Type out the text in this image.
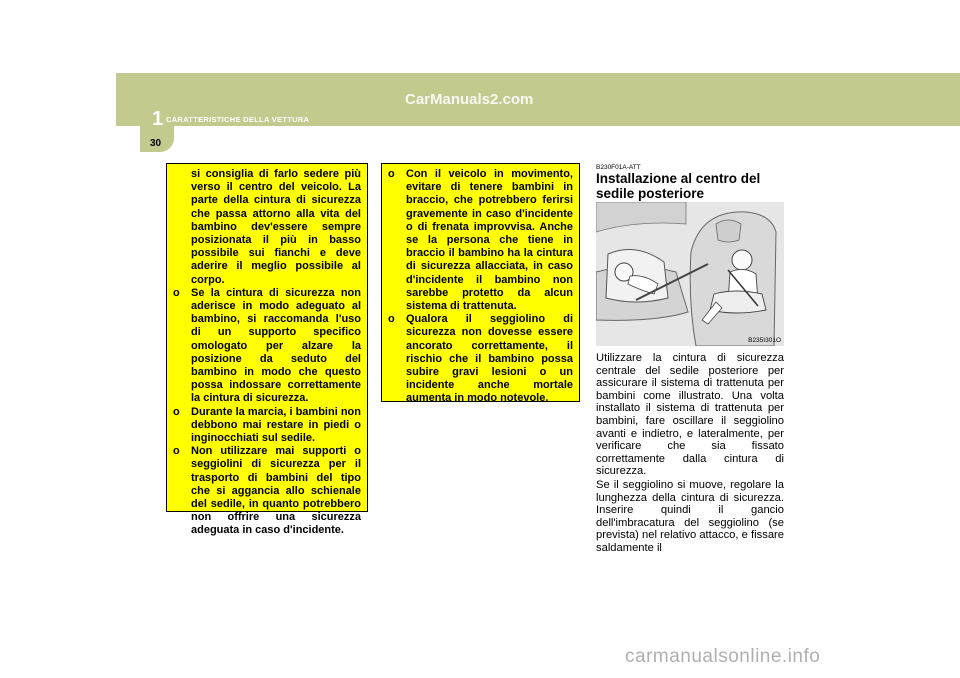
1 CARATTERISTICHE DELLA VETTURA
CarManuals2.com
30

si consiglia di farlo sedere più verso il centro del veicolo. La parte della cintura di sicurezza che passa attorno alla vita del bambino dev'essere sempre posizionata il più in basso possibile sui fianchi e deve aderire il meglio possibile al corpo.

o Se la cintura di sicurezza non aderisce in modo adeguato al bambino, si raccomanda l'uso di un supporto specifico omologato per alzare la posizione da seduto del bambino in modo che questo possa indossare correttamente la cintura di sicurezza.
o Durante la marcia, i bambini non debbono mai restare in piedi o inginocchiati sul sedile.
o Non utilizzare mai supporti o seggiolini di sicurezza per il trasporto di bambini del tipo che si aggancia allo schienale del sedile, in quanto potrebbero non offrire una sicurezza adeguata in caso d'incidente.
o Con il veicolo in movimento, evitare di tenere bambini in braccio, che potrebbero ferirsi gravemente in caso d'incidente o di frenata improvvisa. Anche se la persona che tiene in braccio il bambino ha la cintura di sicurezza allacciata, in caso d'incidente il bambino non sarebbe protetto da alcun sistema di trattenuta.
o Qualora il seggiolino di sicurezza non dovesse essere ancorato correttamente, il rischio che il bambino possa subire gravi lesioni o un incidente anche mortale aumenta in modo notevole.
B230F01A-ATT
Installazione al centro del sedile posteriore
B235I301O

Utilizzare la cintura di sicurezza centrale del sedile posteriore per assicurare il sistema di trattenuta per bambini come illustrato. Una volta installato il sistema di trattenuta per bambini, fare oscillare il seggiolino avanti e indietro, e lateralmente, per verificare che sia fissato correttamente dalla cintura di sicurezza.

Se il seggiolino si muove, regolare la lunghezza della cintura di sicurezza. Inserire quindi il gancio dell'imbracatura del seggiolino (se prevista) nel relativo attacco, e fissare saldamente il

carmanualsonline.info
